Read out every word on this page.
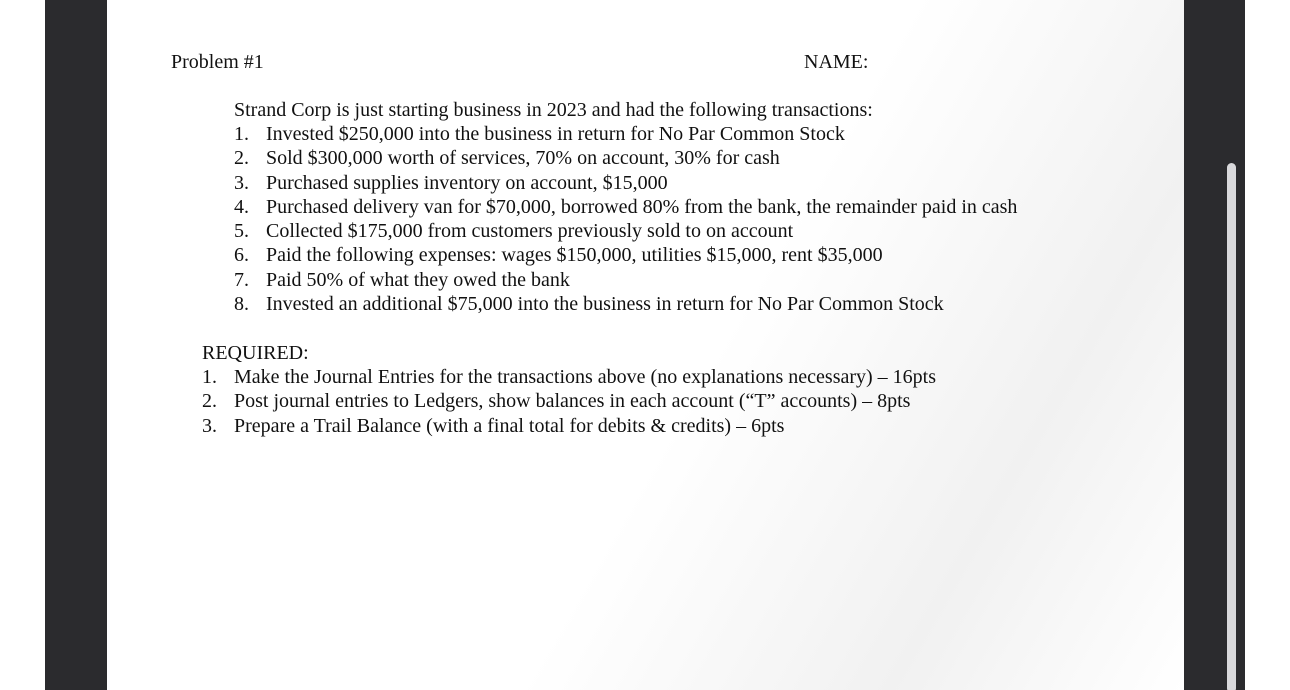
Problem #1	NAME:
Strand Corp is just starting business in 2023 and had the following transactions:
1. Invested $250,000 into the business in return for No Par Common Stock
2. Sold $300,000 worth of services, 70% on account, 30% for cash
3. Purchased supplies inventory on account, $15,000
4. Purchased delivery van for $70,000, borrowed 80% from the bank, the remainder paid in cash
5. Collected $175,000 from customers previously sold to on account
6. Paid the following expenses: wages $150,000, utilities $15,000, rent $35,000
7. Paid 50% of what they owed the bank
8. Invested an additional $75,000 into the business in return for No Par Common Stock
REQUIRED:
1. Make the Journal Entries for the transactions above (no explanations necessary) – 16pts
2. Post journal entries to Ledgers, show balances in each account (“T” accounts) – 8pts
3. Prepare a Trail Balance (with a final total for debits & credits) – 6pts
